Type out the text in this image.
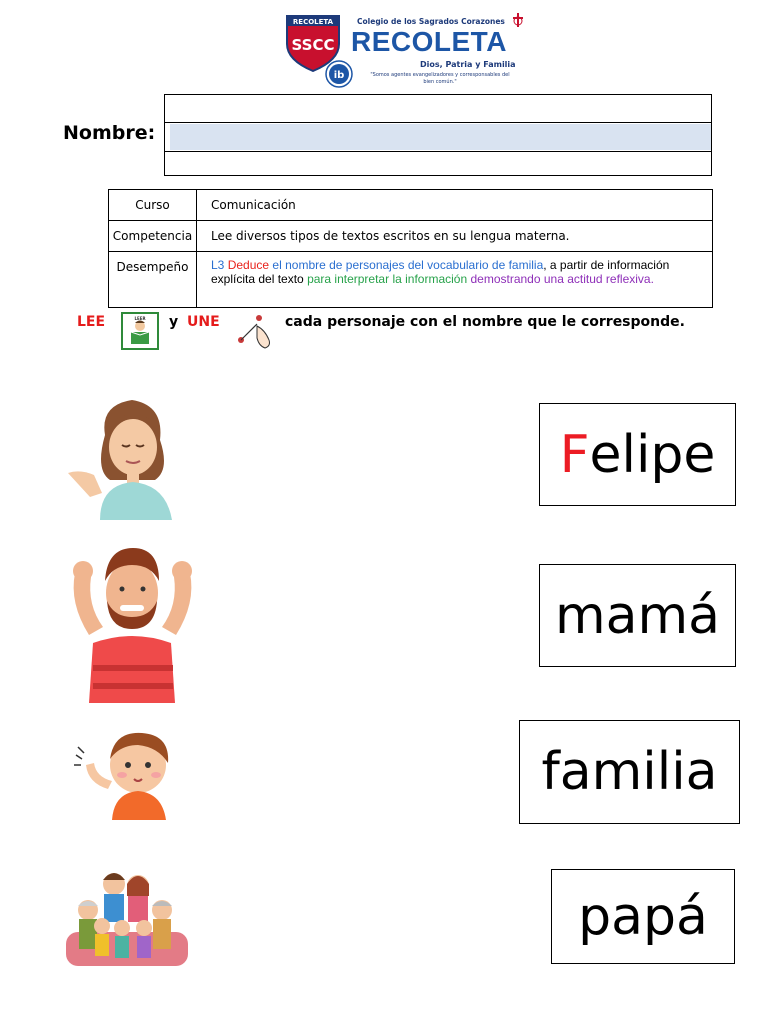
RECOLETA
SSCC
Colegio de los Sagrados Corazones
RECOLETA
Dios, Patria y Familia
ib	"Somos agentes evangelizadores y corresponsables del bien común."
Nombre:
Curso	Comunicación
Competencia	Lee diversos tipos de textos escritos en su lengua materna.
Desempeño	L3 Deduce el nombre de personajes del vocabulario de familia, a partir de información explícita del texto para interpretar la información demostrando una actitud reflexiva.
LEE	LEER y UNE	cada personaje con el nombre que le corresponde.
F elipe
mamá
familia
papá
